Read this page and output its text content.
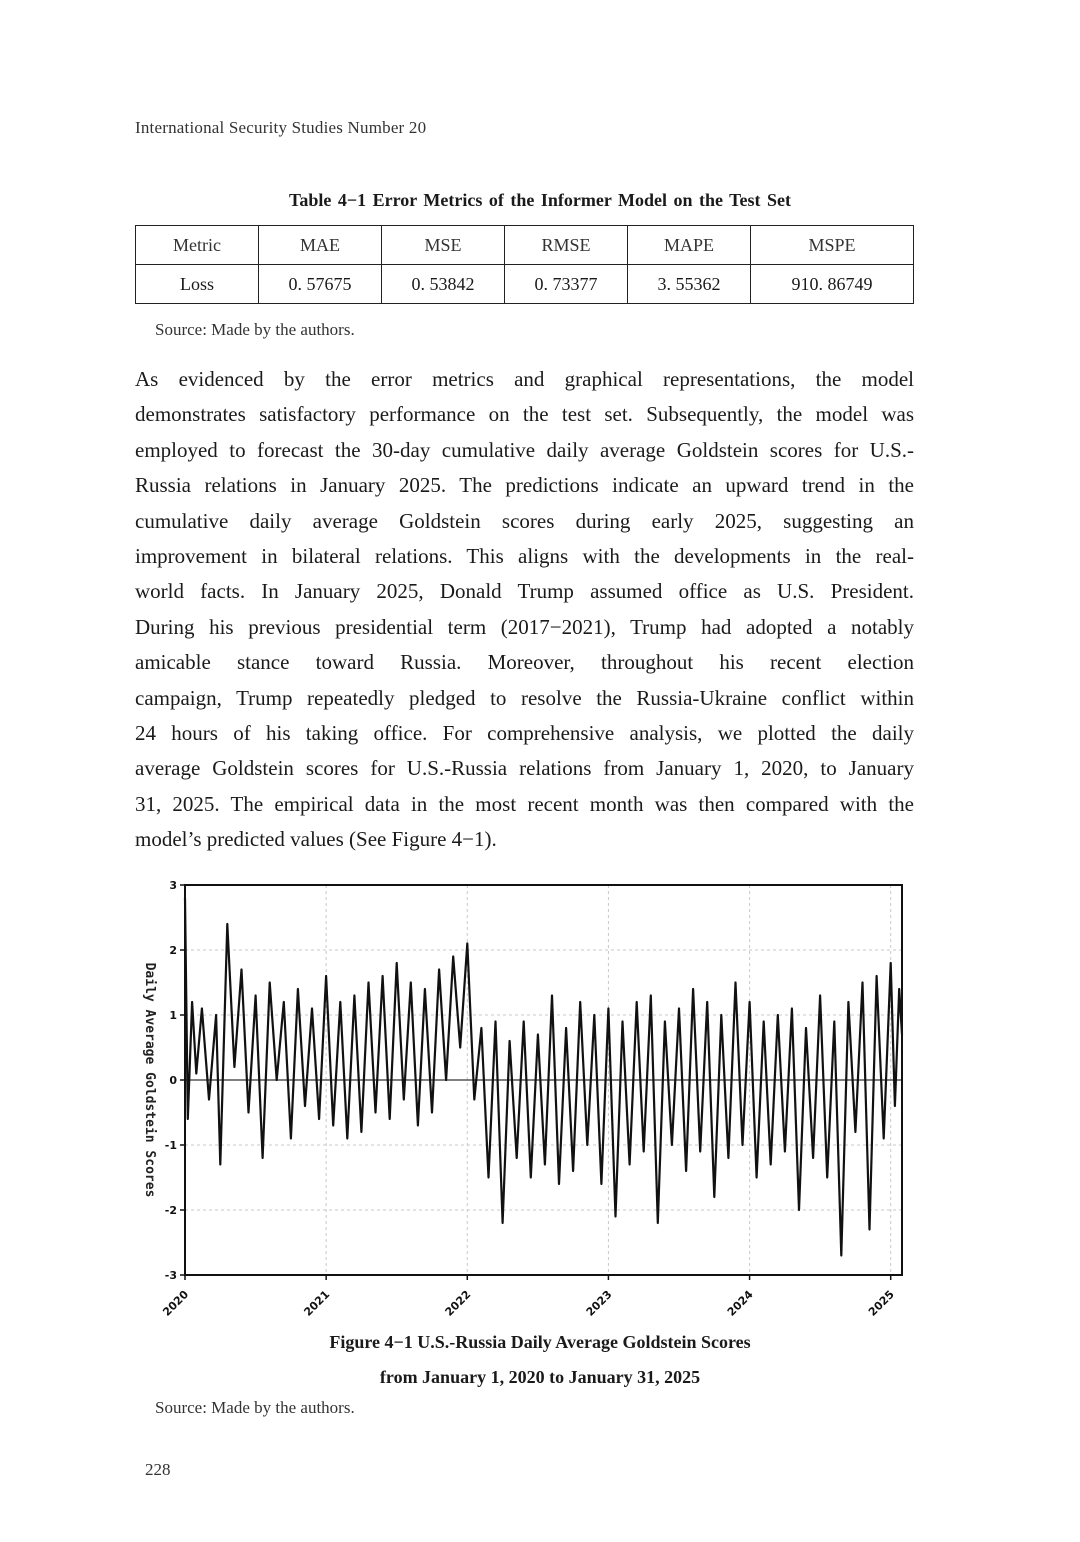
International Security Studies Number 20
Table 4−1 Error Metrics of the Informer Model on the Test Set
Metric	MAE	MSE	RMSE	MAPE	MSPE
Loss	0. 57675	0. 53842	0. 73377	3. 55362	910. 86749
Source: Made by the authors.
As evidenced by the error metrics and graphical representations, the model
demonstrates satisfactory performance on the test set. Subsequently, the model was
employed to forecast the 30-day cumulative daily average Goldstein scores for U.S.-
Russia relations in January 2025. The predictions indicate an upward trend in the
cumulative daily average Goldstein scores during early 2025, suggesting an
improvement in bilateral relations. This aligns with the developments in the real-
world facts. In January 2025, Donald Trump assumed office as U.S. President.
During his previous presidential term (2017−2021), Trump had adopted a notably
amicable stance toward Russia. Moreover, throughout his recent election
campaign, Trump repeatedly pledged to resolve the Russia-Ukraine conflict within
24 hours of his taking office. For comprehensive analysis, we plotted the daily
average Goldstein scores for U.S.-Russia relations from January 1, 2020, to January
31, 2025. The empirical data in the most recent month was then compared with the
model’s predicted values (See Figure 4−1).
-3
-2
-1
0
1
2
3
2020	2021	2022	2023	2024	2025
Daily Average Goldstein Scores
Figure 4−1 U.S.-Russia Daily Average Goldstein Scores
from January 1, 2020 to January 31, 2025
Source: Made by the authors.
228
